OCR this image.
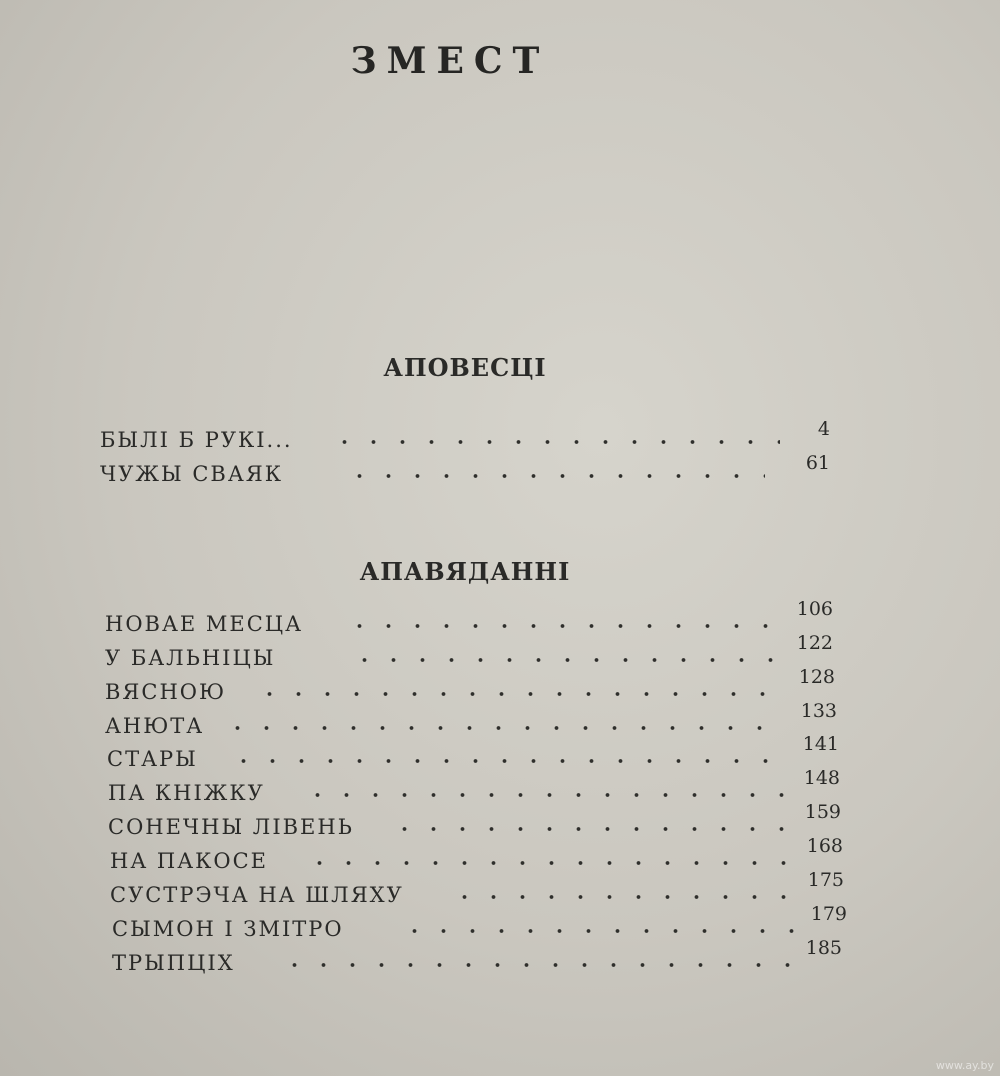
ЗМЕСТ
АПОВЕСЦІ
БЫЛІ Б РУКІ...	4
ЧУЖЫ СВАЯК	61
АПАВЯДАННІ
НОВАЕ МЕСЦА
106
У БАЛЬНІЦЫ
122
ВЯСНОЮ
128
АНЮТА
133
СТАРЫ
141
ПА КНІЖКУ
148
СОНЕЧНЫ ЛІВЕНЬ
159
НА ПАКОСЕ
168
СУСТРЭЧА НА ШЛЯХУ
175
СЫМОН І ЗМІТРО
179
ТРЫПЦІХ
185
www.ay.by
